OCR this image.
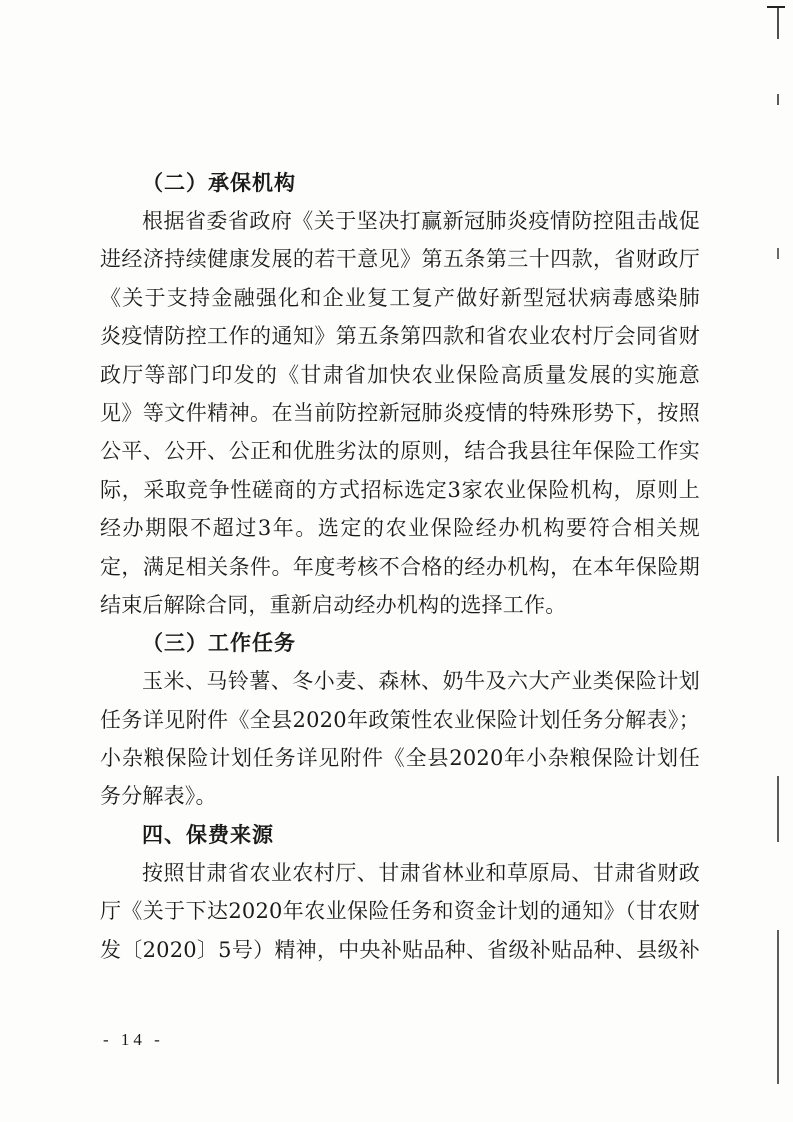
（二）承保机构
根据省委省政府《关于坚决打赢新冠肺炎疫情防控阻击战促
进经济持续健康发展的若干意见》第五条第三十四款，省财政厅
《关于支持金融强化和企业复工复产做好新型冠状病毒感染肺
炎疫情防控工作的通知》第五条第四款和省农业农村厅会同省财
政厅等部门印发的《甘肃省加快农业保险高质量发展的实施意
见》等文件精神。在当前防控新冠肺炎疫情的特殊形势下，按照
公平、公开、公正和优胜劣汰的原则，结合我县往年保险工作实
际，采取竞争性磋商的方式招标选定3家农业保险机构，原则上
经办期限不超过3年。选定的农业保险经办机构要符合相关规
定，满足相关条件。年度考核不合格的经办机构，在本年保险期
结束后解除合同，重新启动经办机构的选择工作。
（三）工作任务
玉米、马铃薯、冬小麦、森林、奶牛及六大产业类保险计划
任务详见附件《全县2020年政策性农业保险计划任务分解表》；
小杂粮保险计划任务详见附件《全县2020年小杂粮保险计划任
务分解表》。
四、保费来源
按照甘肃省农业农村厅、甘肃省林业和草原局、甘肃省财政
厅《关于下达2020年农业保险任务和资金计划的通知》（甘农财
发〔2020〕5号）精神，中央补贴品种、省级补贴品种、县级补
- 14 -
